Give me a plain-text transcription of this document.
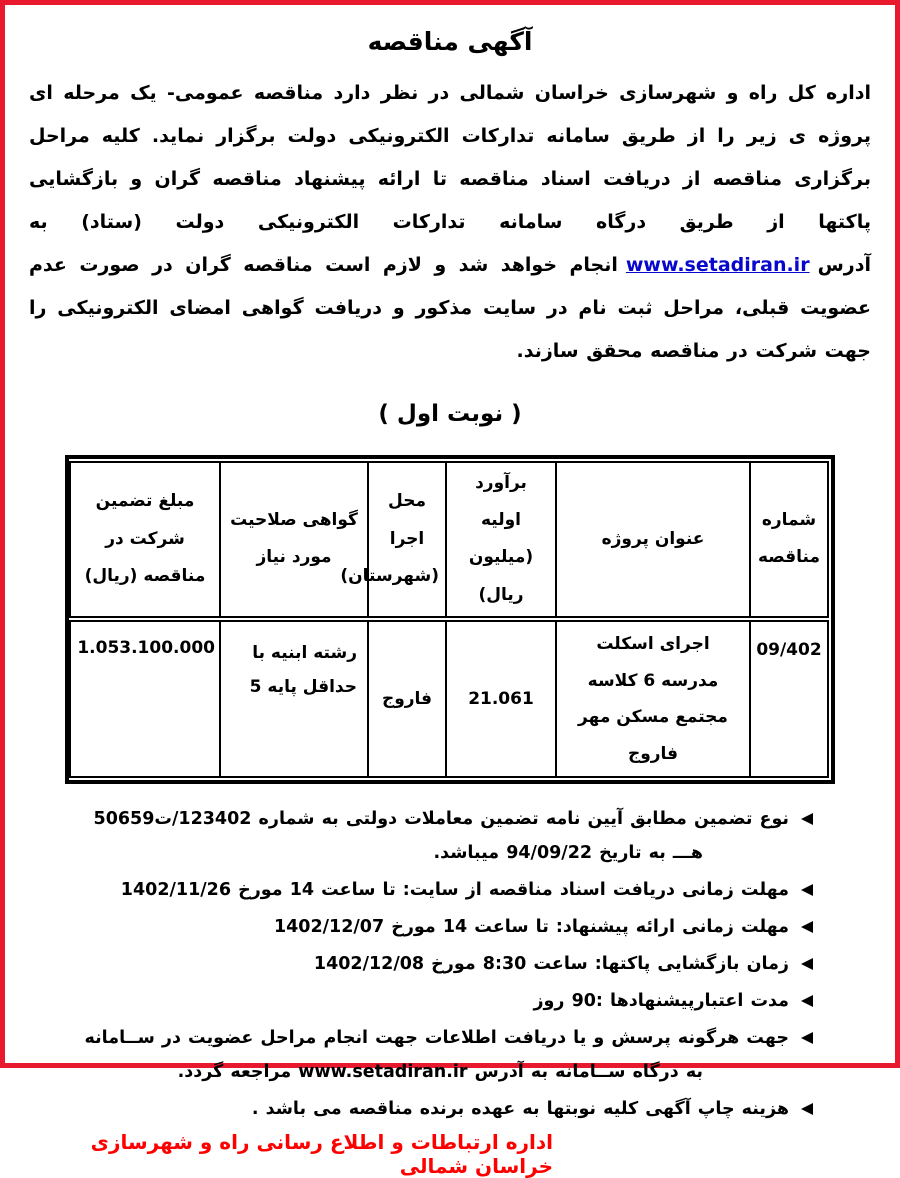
آگهی مناقصه

اداره کل راه و شهرسازی خراسان شمالی در نظر دارد مناقصه عمومی- یک مرحله ای پروژه ی زیر را از طریق سامانه تدارکات الکترونیکی دولت برگزار نماید. کلیه مراحل برگزاری مناقصه از دریافت اسناد مناقصه تا ارائه پیشنهاد مناقصه گران و بازگشایی پاکتها از طریق درگاه سامانه تدارکات الکترونیکی دولت (ستاد) به آدرسwww.setadiran.irانجام خواهد شد و لازم است مناقصه گران در صورت عدم عضویت قبلی، مراحل ثبت نام در سایت مذکور و دریافت گواهی امضای الکترونیکی را جهت شرکت در مناقصه محقق سازند.

( نوبت اول )
شماره مناقصه	عنوان پروژه	برآورد اولیه (میلیون ریال)	محل اجرا (شهرستان)	گواهی صلاحیت مورد نیاز	مبلغ تضمین شرکت در مناقصه (ریال)
09/402	اجرای اسکلت مدرسه 6 کلاسه مجتمع مسکن مهر فاروج	21.061	فاروج	رشته ابنیه با حداقل پایه 5	1.053.100.000
نوع تضمین مطابق آیین نامه تضمین معاملات دولتی به شماره 123402/ت50659 هـــ به تاریخ 94/09/22 میباشد.
مهلت زمانی دریافت اسناد مناقصه از سایت: تا ساعت 14 مورخ 1402/11/26
مهلت زمانی ارائه پیشنهاد: تا ساعت 14 مورخ 1402/12/07
زمان بازگشایی پاکتها: ساعت 8:30 مورخ 1402/12/08
مدت اعتبارپیشنهادها :90 روز
جهت هرگونه پرسش و یا دریافت اطلاعات جهت انجام مراحل عضویت در ســامانه به درگاه ســامانه به آدرس www.setadiran.ir مراجعه گردد.
هزینه چاپ آگهی کلیه نوبتها به عهده برنده مناقصه می باشد .
اداره ارتباطات و اطلاع رسانی راه و شهرسازی خراسان شمالی
